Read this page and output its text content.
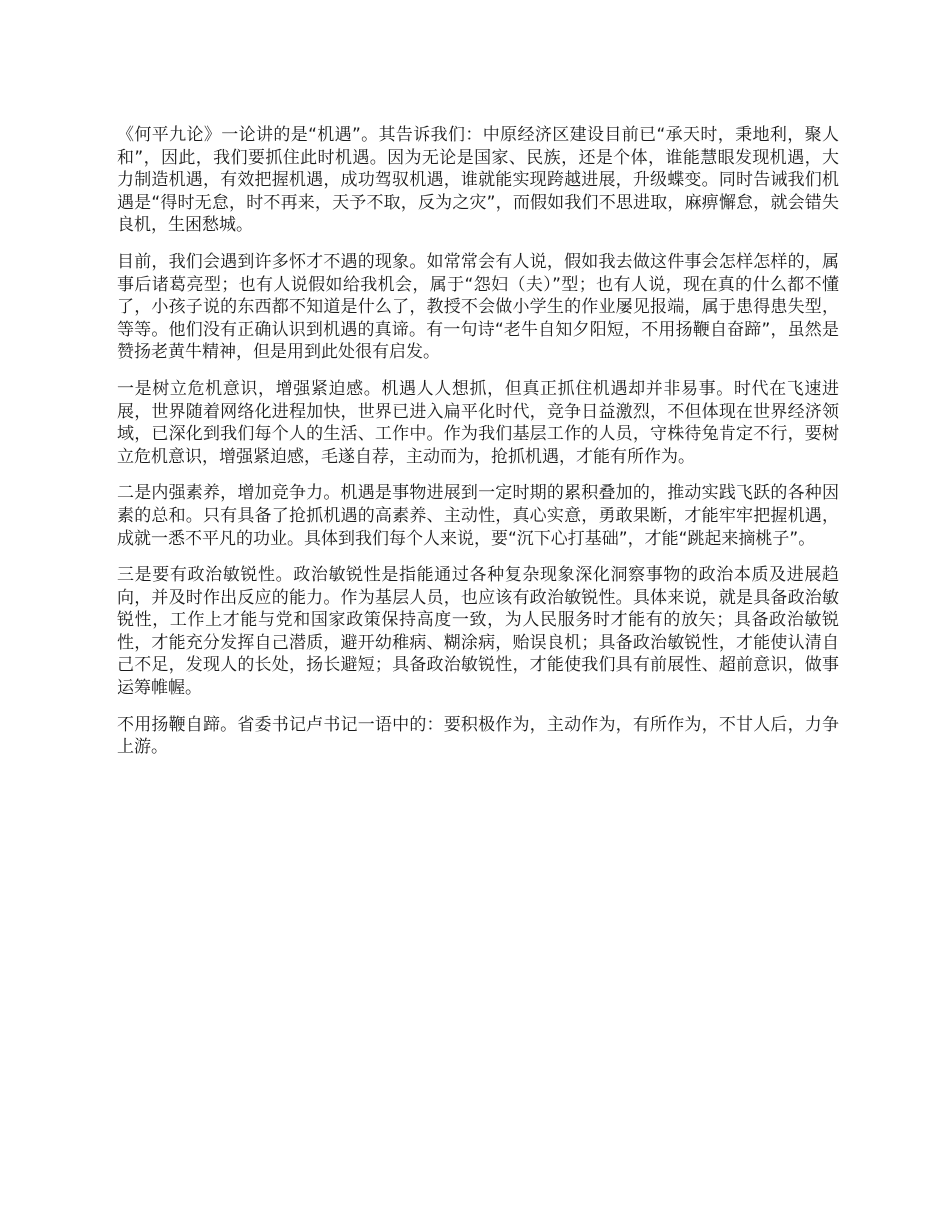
《何平九论》一论讲的是“机遇”。其告诉我们：中原经济区建设目前已“承天时，秉地利，聚人和”，因此，我们要抓住此时机遇。因为无论是国家、民族，还是个体，谁能慧眼发现机遇，大力制造机遇，有效把握机遇，成功驾驭机遇，谁就能实现跨越进展，升级蝶变。同时告诫我们机遇是“得时无怠，时不再来，天予不取，反为之灾”，而假如我们不思进取，麻痹懈怠，就会错失良机，生困愁城。

目前，我们会遇到许多怀才不遇的现象。如常常会有人说，假如我去做这件事会怎样怎样的，属事后诸葛亮型；也有人说假如给我机会，属于“怨妇（夫）”型；也有人说，现在真的什么都不懂了，小孩子说的东西都不知道是什么了，教授不会做小学生的作业屡见报端，属于患得患失型，等等。他们没有正确认识到机遇的真谛。有一句诗“老牛自知夕阳短，不用扬鞭自奋蹄”，虽然是赞扬老黄牛精神，但是用到此处很有启发。

一是树立危机意识，增强紧迫感。机遇人人想抓，但真正抓住机遇却并非易事。时代在飞速进展，世界随着网络化进程加快，世界已进入扁平化时代，竞争日益激烈，不但体现在世界经济领域，已深化到我们每个人的生活、工作中。作为我们基层工作的人员，守株待兔肯定不行，要树立危机意识，增强紧迫感，毛遂自荐，主动而为，抢抓机遇，才能有所作为。

二是内强素养，增加竞争力。机遇是事物进展到一定时期的累积叠加的，推动实践飞跃的各种因素的总和。只有具备了抢抓机遇的高素养、主动性，真心实意，勇敢果断，才能牢牢把握机遇，成就一悉不平凡的功业。具体到我们每个人来说，要“沉下心打基础”，才能“跳起来摘桃子”。

三是要有政治敏锐性。政治敏锐性是指能通过各种复杂现象深化洞察事物的政治本质及进展趋向，并及时作出反应的能力。作为基层人员，也应该有政治敏锐性。具体来说，就是具备政治敏锐性，工作上才能与党和国家政策保持高度一致，为人民服务时才能有的放矢；具备政治敏锐性，才能充分发挥自己潜质，避开幼稚病、糊涂病，贻误良机；具备政治敏锐性，才能使认清自己不足，发现人的长处，扬长避短；具备政治敏锐性，才能使我们具有前展性、超前意识，做事运筹帷幄。

不用扬鞭自蹄。省委书记卢书记一语中的：要积极作为，主动作为，有所作为，不甘人后，力争上游。
